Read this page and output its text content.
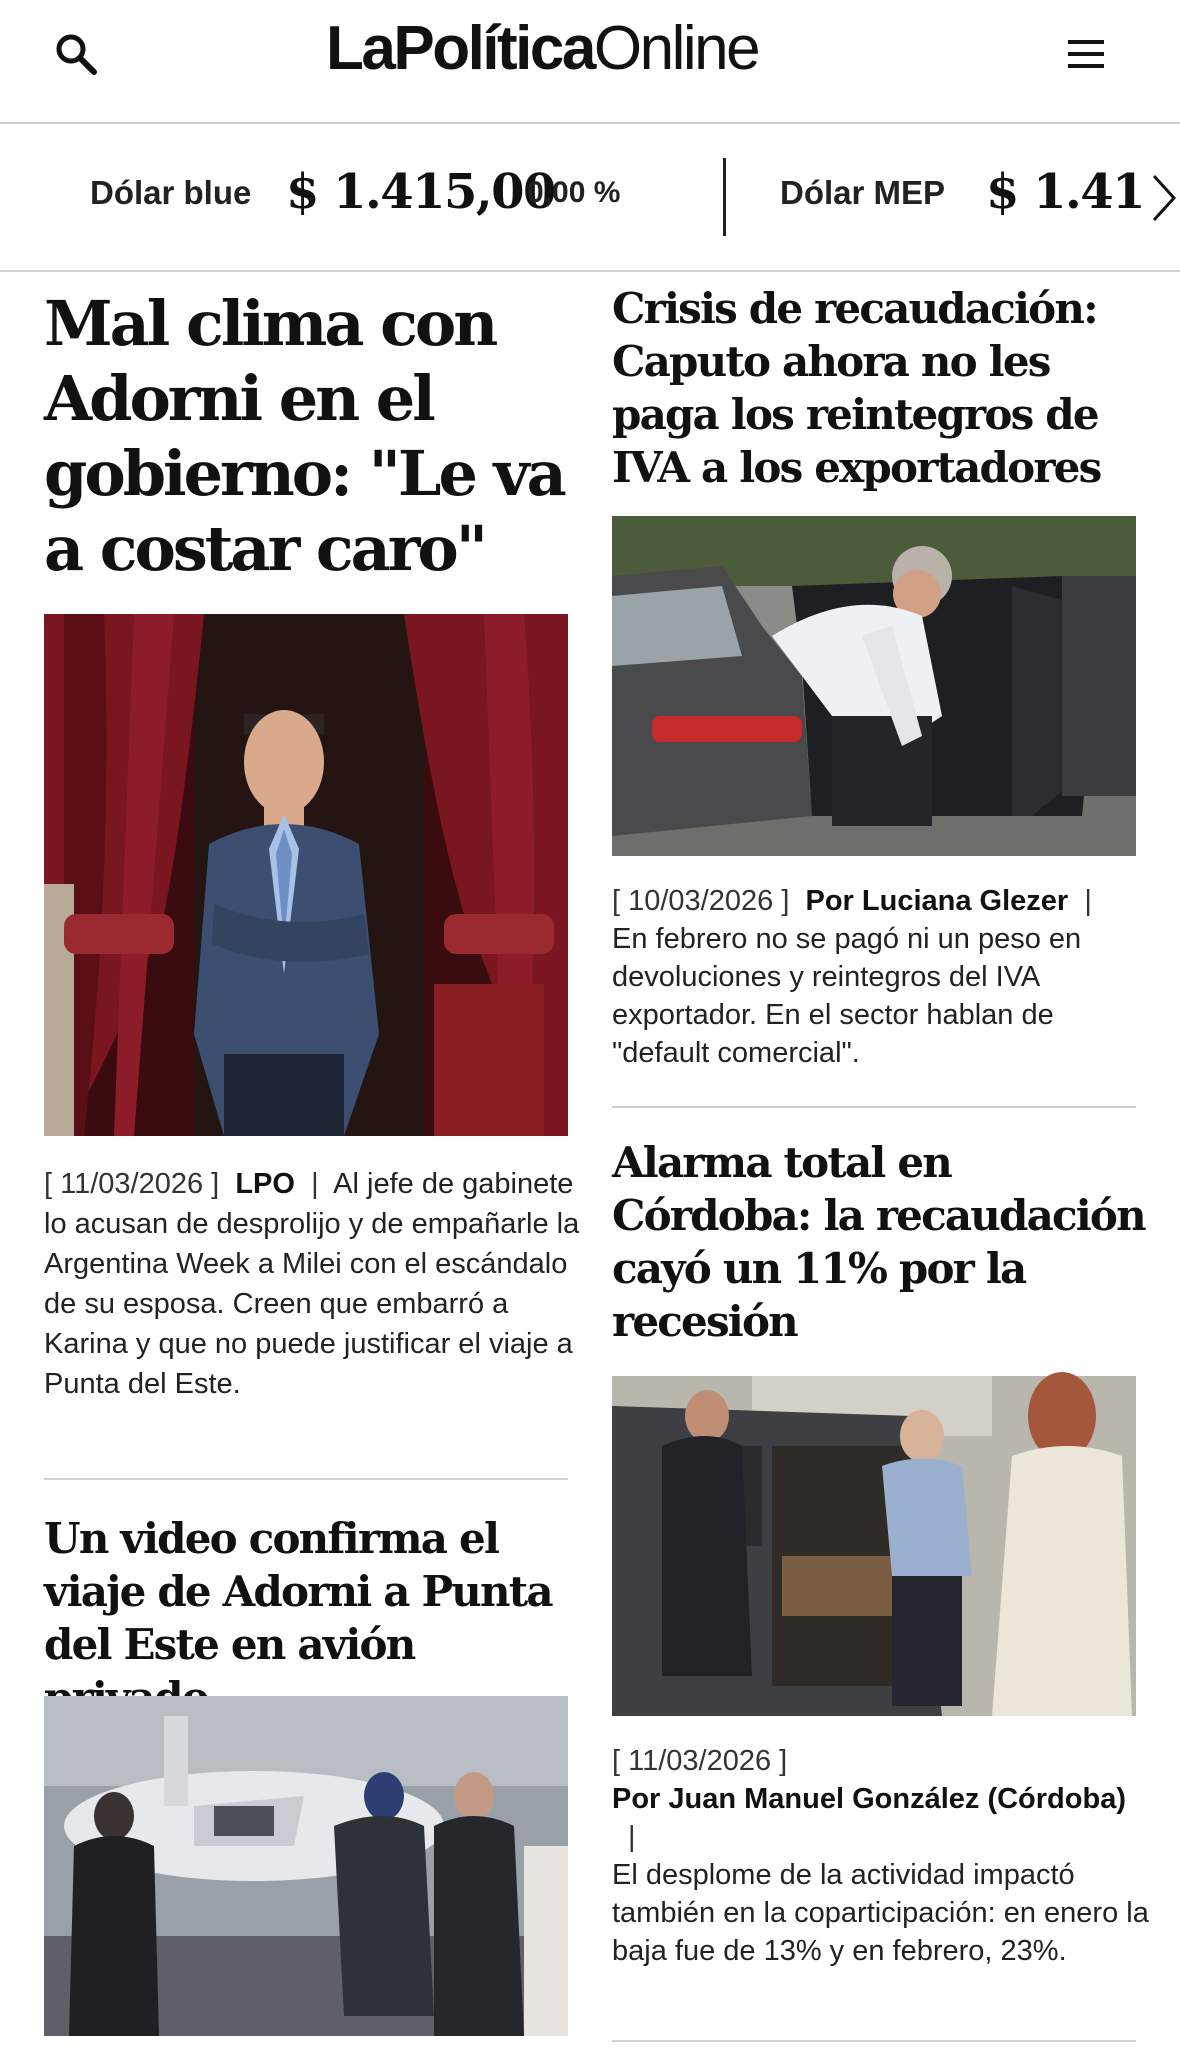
LaPolíticaOnline
Dólar blue $ 1.415,00
0,00 %	Dólar MEP $ 1.41
Mal clima con Adorni en el gobierno: "Le va a costar caro"
[ 11/03/2026 ] LPO | Al jefe de gabinete lo acusan de desprolijo y de empañarle la Argentina Week a Milei con el escándalo de su esposa. Creen que embarró a Karina y que no puede justificar el viaje a Punta del Este.
Crisis de recaudación: Caputo ahora no les paga los reintegros de IVA a los exportadores
[ 10/03/2026 ] Por Luciana Glezer |
En febrero no se pagó ni un peso en devoluciones y reintegros del IVA exportador. En el sector hablan de "default comercial".
Alarma total en Córdoba: la recaudación cayó un 11% por la recesión
[ 11/03/2026 ]
Por Juan Manuel González (Córdoba)
|
El desplome de la actividad impactó también en la coparticipación: en enero la baja fue de 13% y en febrero, 23%.
Un video confirma el viaje de Adorni a Punta del Este en avión
